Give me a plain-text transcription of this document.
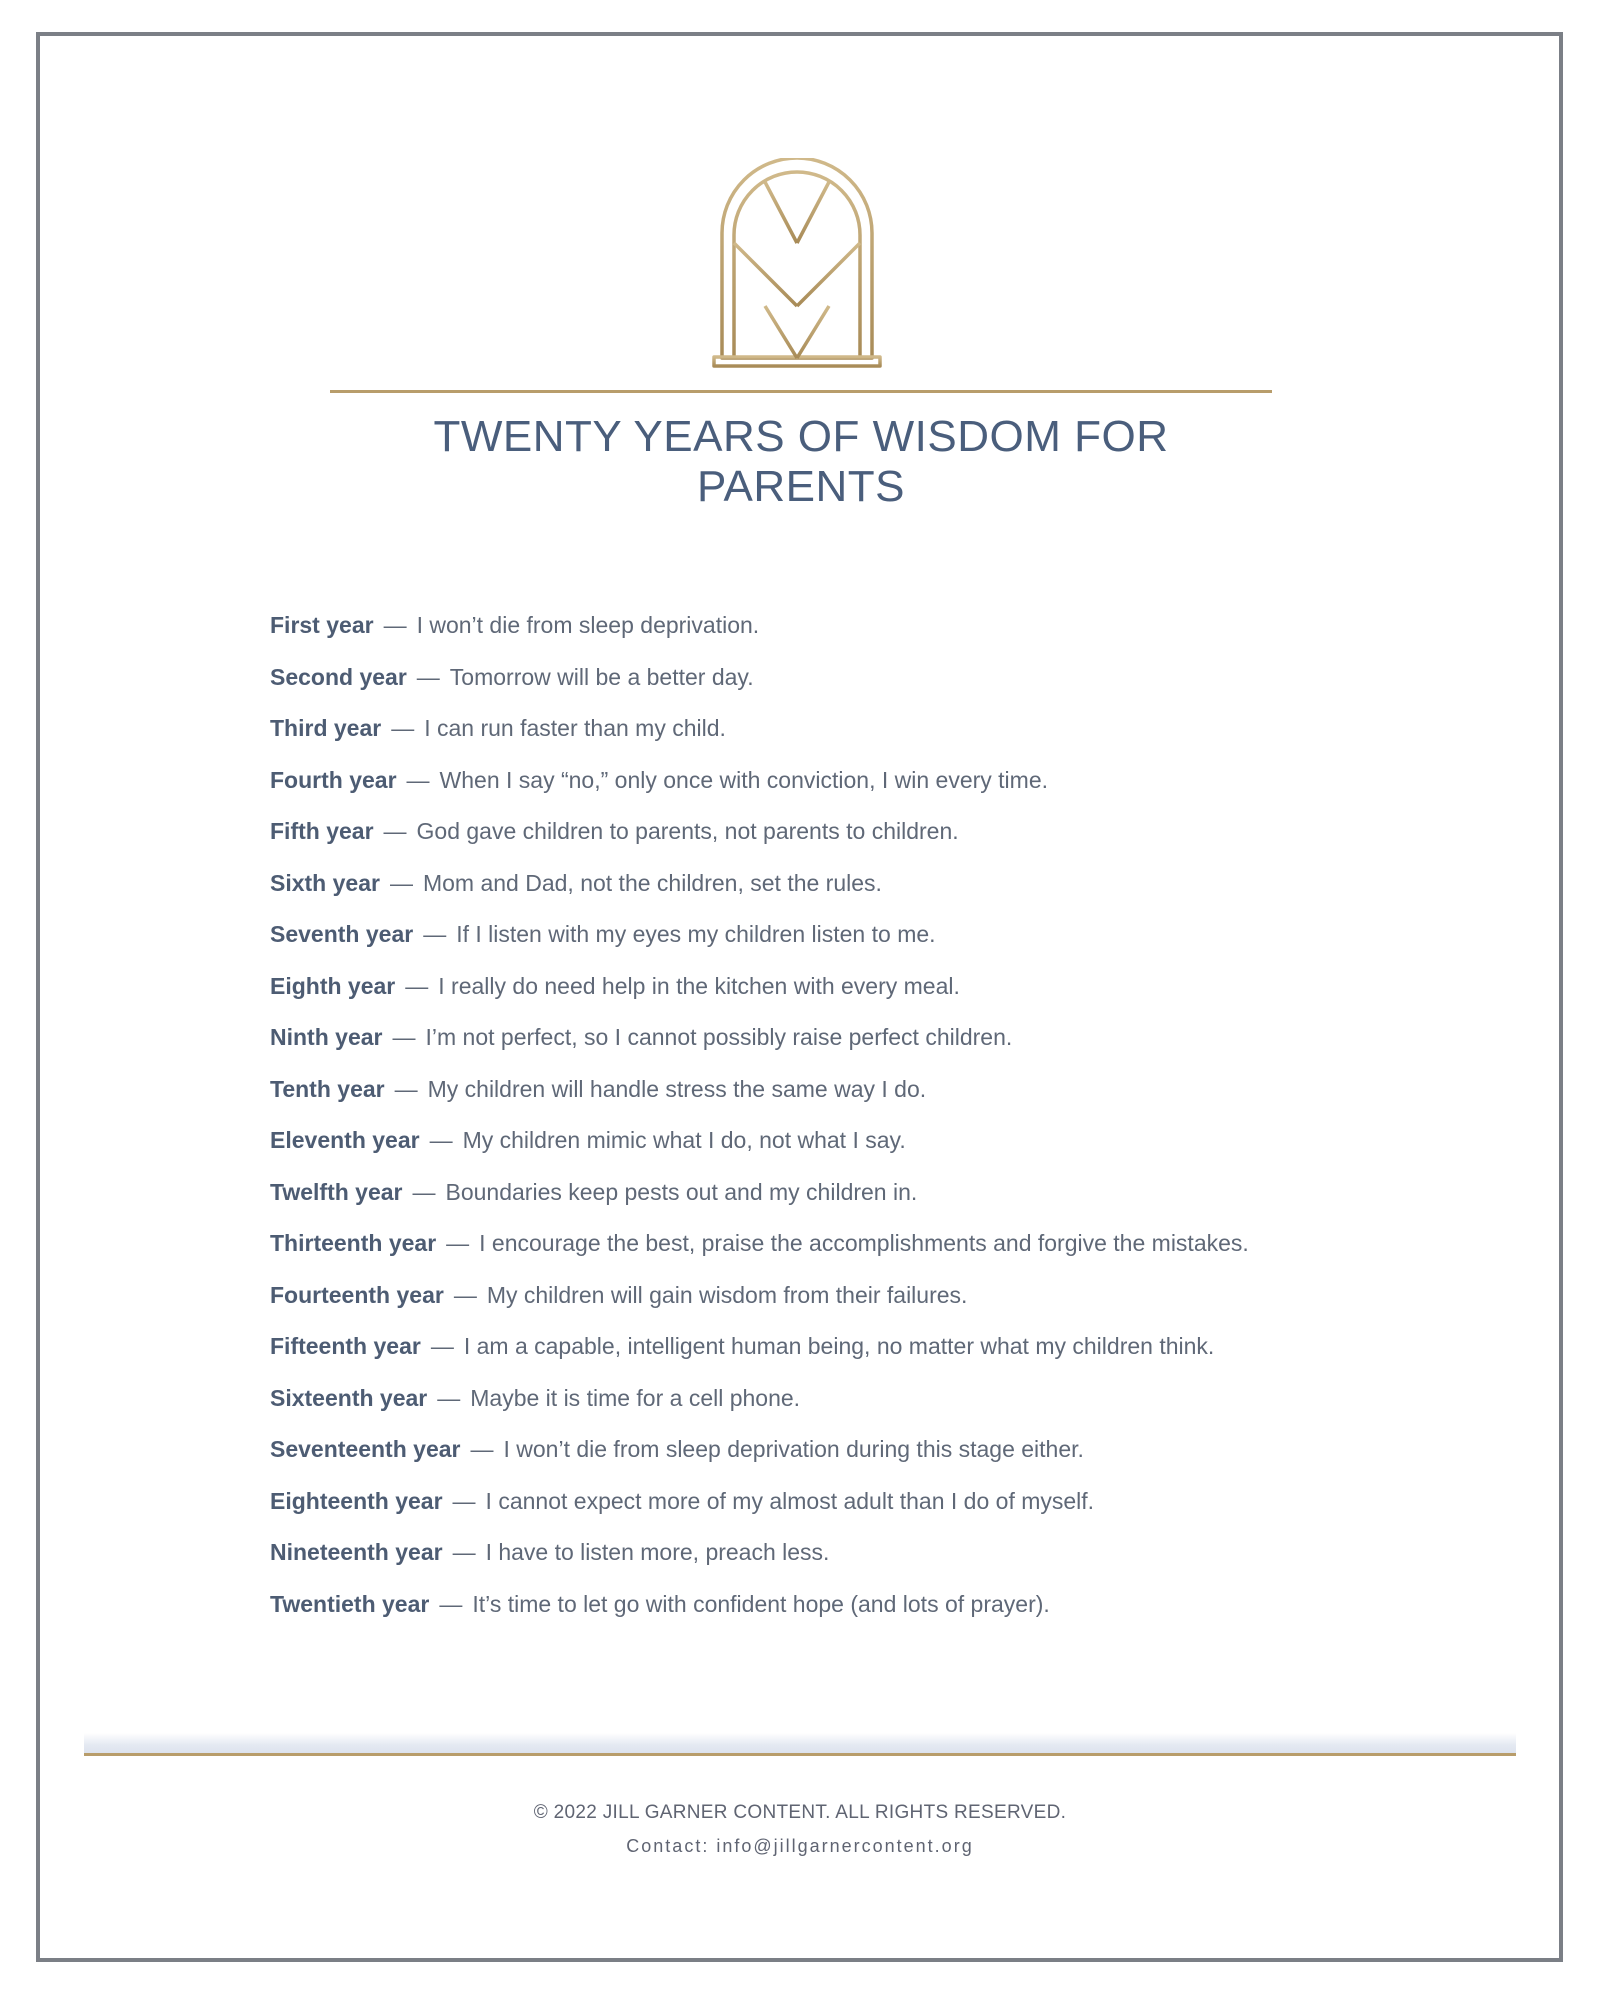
TWENTY YEARS OF WISDOM FOR PARENTS
First year — I won’t die from sleep deprivation.
Second year — Tomorrow will be a better day.
Third year — I can run faster than my child.
Fourth year — When I say “no,” only once with conviction, I win every time.
Fifth year — God gave children to parents, not parents to children.
Sixth year — Mom and Dad, not the children, set the rules.
Seventh year — If I listen with my eyes my children listen to me.
Eighth year — I really do need help in the kitchen with every meal.
Ninth year — I’m not perfect, so I cannot possibly raise perfect children.
Tenth year — My children will handle stress the same way I do.
Eleventh year — My children mimic what I do, not what I say.
Twelfth year — Boundaries keep pests out and my children in.
Thirteenth year — I encourage the best, praise the accomplishments and forgive the mistakes.
Fourteenth year — My children will gain wisdom from their failures.
Fifteenth year — I am a capable, intelligent human being, no matter what my children think.
Sixteenth year — Maybe it is time for a cell phone.
Seventeenth year — I won’t die from sleep deprivation during this stage either.
Eighteenth year — I cannot expect more of my almost adult than I do of myself.
Nineteenth year — I have to listen more, preach less.
Twentieth year — It’s time to let go with confident hope (and lots of prayer).
© 2022 JILL GARNER CONTENT. ALL RIGHTS RESERVED.
Contact: info@jillgarnercontent.org
